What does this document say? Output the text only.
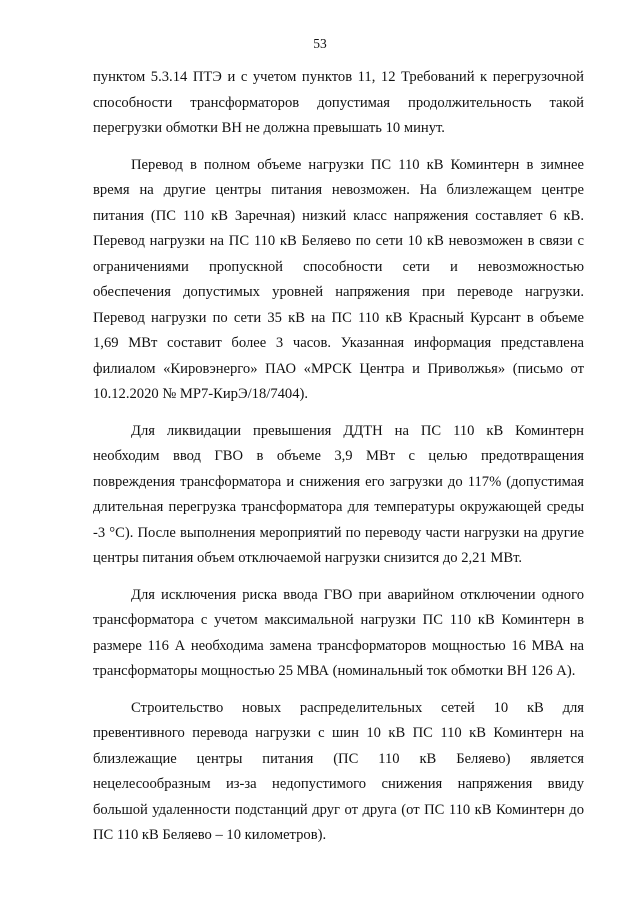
53
пунктом 5.3.14 ПТЭ и с учетом пунктов 11, 12 Требований к перегрузочной
способности трансформаторов допустимая продолжительность такой
перегрузки обмотки ВН не должна превышать 10 минут.
Перевод в полном объеме нагрузки ПС 110 кВ Коминтерн в зимнее
время на другие центры питания невозможен. На близлежащем центре
питания (ПС 110 кВ Заречная) низкий класс напряжения составляет 6 кВ.
Перевод нагрузки на ПС 110 кВ Беляево по сети 10 кВ невозможен в связи с
ограничениями пропускной способности сети и невозможностью
обеспечения допустимых уровней напряжения при переводе нагрузки.
Перевод нагрузки по сети 35 кВ на ПС 110 кВ Красный Курсант в объеме
1,69 МВт составит более 3 часов. Указанная информация представлена
филиалом «Кировэнерго» ПАО «МРСК Центра и Приволжья» (письмо от
10.12.2020 № МР7-КирЭ/18/7404).
Для ликвидации превышения ДДТН на ПС 110 кВ Коминтерн
необходим ввод ГВО в объеме 3,9 МВт с целью предотвращения
повреждения трансформатора и снижения его загрузки до 117% (допустимая
длительная перегрузка трансформатора для температуры окружающей среды
-3 °С). После выполнения мероприятий по переводу части нагрузки на другие
центры питания объем отключаемой нагрузки снизится до 2,21 МВт.
Для исключения риска ввода ГВО при аварийном отключении одного
трансформатора с учетом максимальной нагрузки ПС 110 кВ Коминтерн в
размере 116 А необходима замена трансформаторов мощностью 16 МВА на
трансформаторы мощностью 25 МВА (номинальный ток обмотки ВН 126 А).
Строительство новых распределительных сетей 10 кВ для
превентивного перевода нагрузки с шин 10 кВ ПС 110 кВ Коминтерн на
близлежащие центры питания (ПС 110 кВ Беляево) является
нецелесообразным из-за недопустимого снижения напряжения ввиду
большой удаленности подстанций друг от друга (от ПС 110 кВ Коминтерн до
ПС 110 кВ Беляево – 10 километров).
